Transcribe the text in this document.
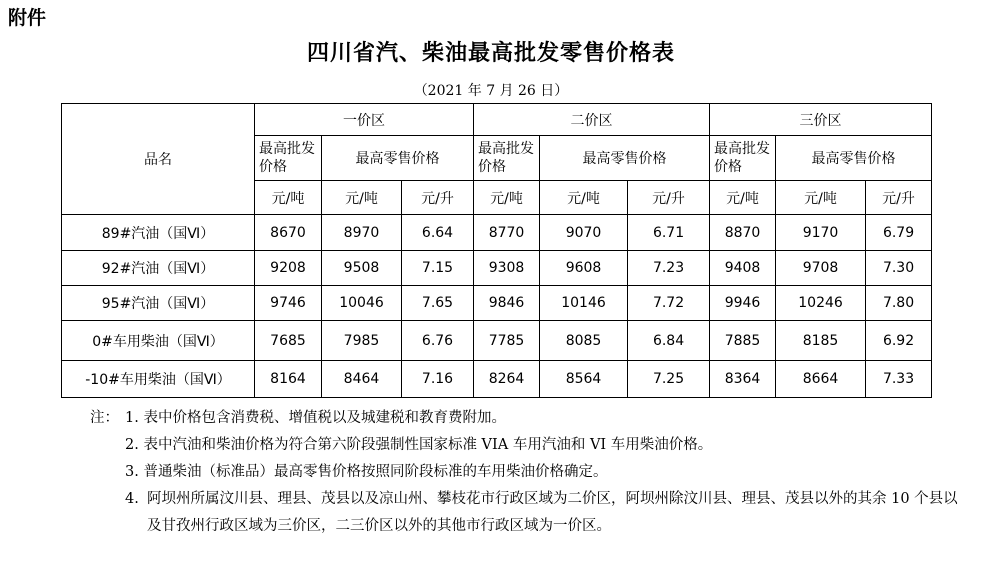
附件
四川省汽、柴油最高批发零售价格表
（2021 年 7 月 26 日）
品名	一价区			二价区			三价区		
	最高批发价格	最高零售价格		最高批发价格	最高零售价格		最高批发价格	最高零售价格	
	元/吨	元/吨	元/升	元/吨	元/吨	元/升	元/吨	元/吨	元/升
89#汽油（国Ⅵ）	8670	8970	6.64	8770	9070	6.71	8870	9170	6.79
92#汽油（国Ⅵ）	9208	9508	7.15	9308	9608	7.23	9408	9708	7.30
95#汽油（国Ⅵ）	9746	10046	7.65	9846	10146	7.72	9946	10246	7.80
0#车用柴油（国Ⅵ）	7685	7985	6.76	7785	8085	6.84	7885	8185	6.92
-10#车用柴油（国Ⅵ）	8164	8464	7.16	8264	8564	7.25	8364	8664	7.33
注： 1. 表中价格包含消费税、增值税以及城建税和教育费附加。
2. 表中汽油和柴油价格为符合第六阶段强制性国家标准 VIA 车用汽油和 VI 车用柴油价格。
3. 普通柴油（标准品）最高零售价格按照同阶段标准的车用柴油价格确定。
4. 阿坝州所属汶川县、理县、茂县以及凉山州、攀枝花市行政区域为二价区，阿坝州除汶川县、理县、茂县以外的其余 10 个县以及甘孜州行政区域为三价区，二三价区以外的其他市行政区域为一价区。
